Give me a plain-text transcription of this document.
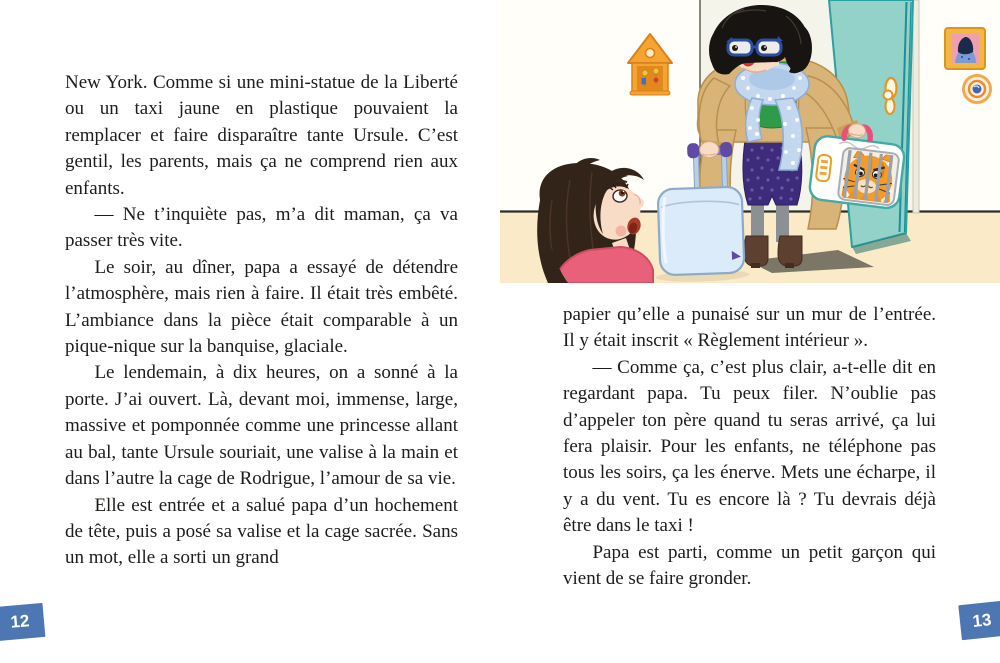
New York. Comme si une mini-statue de la Liberté ou un taxi jaune en plastique pouvaient la remplacer et faire disparaître tante Ursule. C’est gentil, les parents, mais ça ne comprend rien aux enfants.

— Ne t’inquiète pas, m’a dit maman, ça va passer très vite.

Le soir, au dîner, papa a essayé de détendre l’atmosphère, mais rien à faire. Il était très embêté. L’ambiance dans la pièce était comparable à un pique-nique sur la banquise, glaciale.

Le lendemain, à dix heures, on a sonné à la porte. J’ai ouvert. Là, devant moi, immense, large, massive et pomponnée comme une princesse allant au bal, tante Ursule souriait, une valise à la main et dans l’autre la cage de Rodrigue, l’amour de sa vie.

Elle est entrée et a salué papa d’un hochement de tête, puis a posé sa valise et la cage sacrée. Sans un mot, elle a sorti un grand

papier qu’elle a punaisé sur un mur de l’entrée. Il y était inscrit « Règlement intérieur ».

— Comme ça, c’est plus clair, a-t-elle dit en regardant papa. Tu peux filer. N’oublie pas d’appeler ton père quand tu seras arrivé, ça lui fera plaisir. Pour les enfants, ne téléphone pas tous les soirs, ça les énerve. Mets une écharpe, il y a du vent. Tu es encore là ? Tu devrais déjà être dans le taxi !

Papa est parti, comme un petit garçon qui vient de se faire gronder.

12	13
